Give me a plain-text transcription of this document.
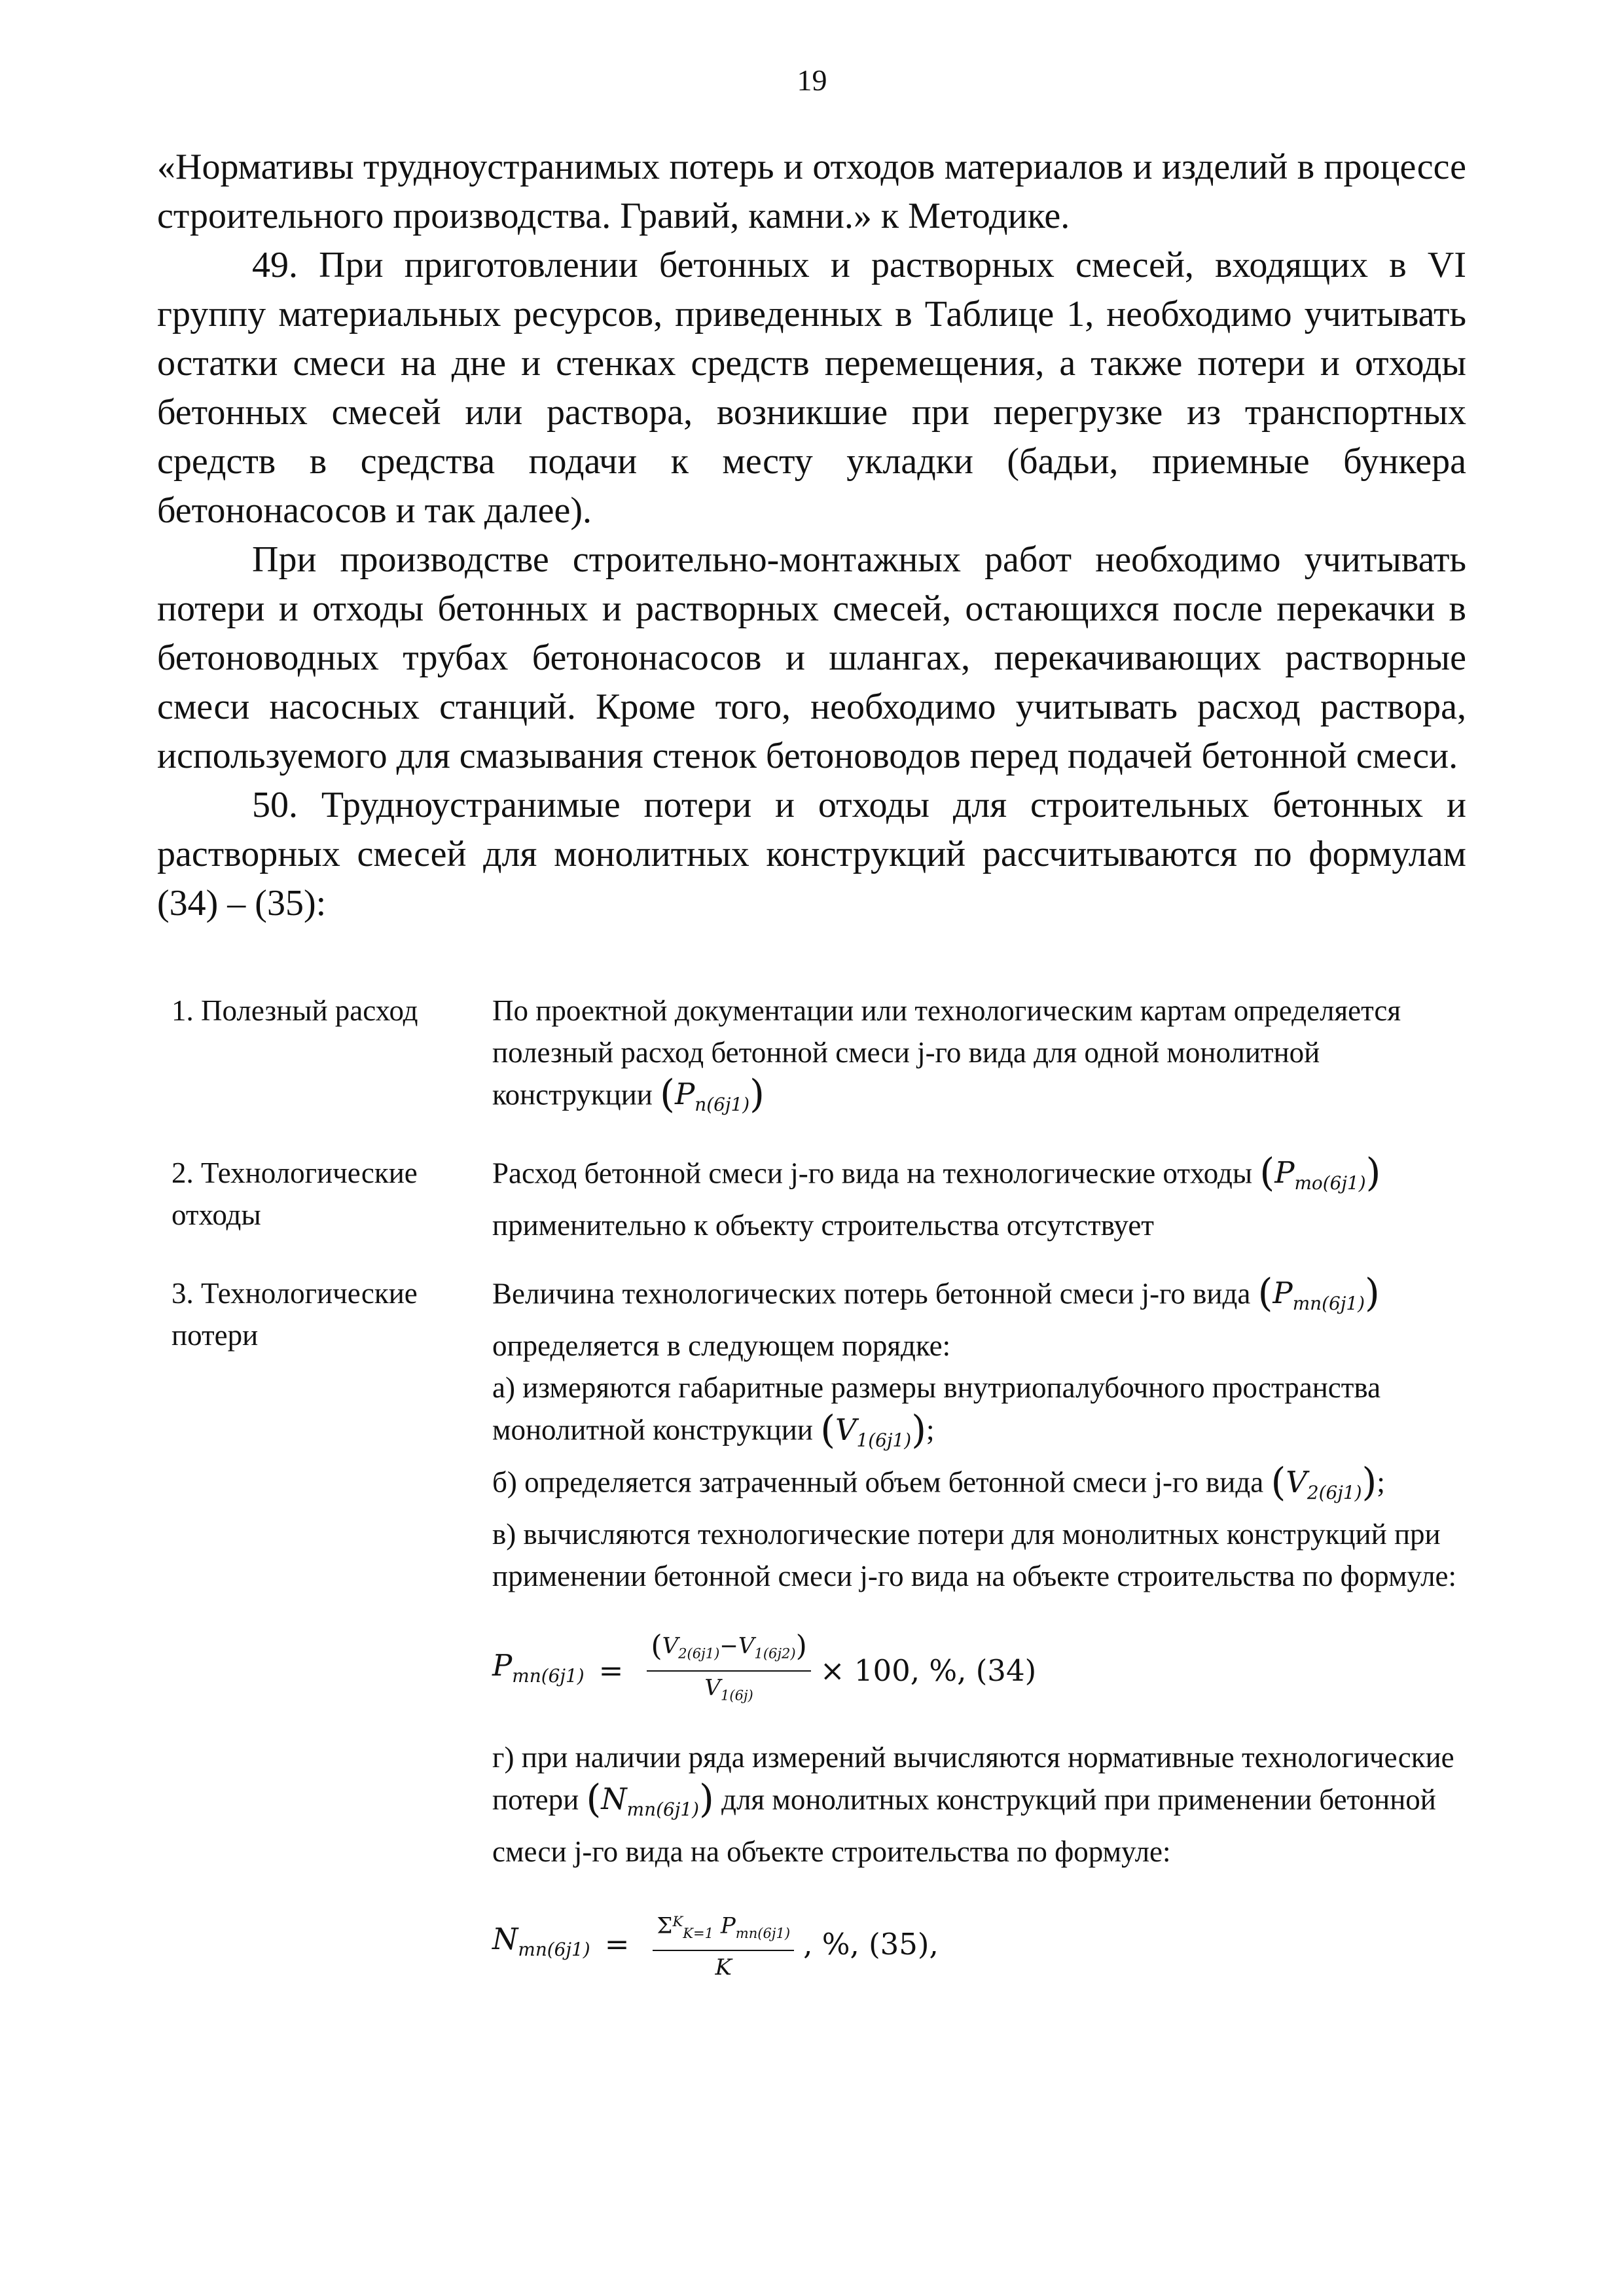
19

«Нормативы трудноустранимых потерь и отходов материалов и изделий в процессе строительного производства. Гравий, камни.» к Методике.

49. При приготовлении бетонных и растворных смесей, входящих в VI группу материальных ресурсов, приведенных в Таблице 1, необходимо учитывать остатки смеси на дне и стенках средств перемещения, а также потери и отходы бетонных смесей или раствора, возникшие при перегрузке из транспортных средств в средства подачи к месту укладки (бадьи, приемные бункера бетононасосов и так далее).

При производстве строительно-монтажных работ необходимо учитывать потери и отходы бетонных и растворных смесей, остающихся после перекачки в бетоноводных трубах бетононасосов и шлангах, перекачивающих растворные смеси насосных станций. Кроме того, необходимо учитывать расход раствора, используемого для смазывания стенок бетоноводов перед подачей бетонной смеси.

50. Трудноустранимые потери и отходы для строительных бетонных и растворных смесей для монолитных конструкций рассчитываются по формулам (34) – (35):

1. Полезный расход	По проектной документации или технологическим картам определяется полезный расход бетонной смеси j-го вида для одной монолитной конструкции $(P_{п(6j1)})$
2. Технологические отходы
Расход бетонной смеси j-го вида на технологические отходы $(P_{то(6j1)})$ применительно к объекту строительства отсутствует
3. Технологические потери

Величина технологических потерь бетонной смеси j-го вида $(P_{тп(6j1)})$ определяется в следующем порядке:

а) измеряются габаритные размеры внутриопалубочного пространства монолитной конструкции $(V_{1(6j1)})$;

б) определяется затраченный объем бетонной смеси j-го вида $(V_{2(6j1)})$;

в) вычисляются технологические потери для монолитных конструкций при применении бетонной смеси j-го вида на объекте строительства по формуле:

$P_{тп(6j1)} = \frac{(V_{2(6j1)}-V_{1(6j2)})}{V_{1(6j)}} \times 100$, %, (34)

г) при наличии ряда измерений вычисляются нормативные технологические потери $(N_{тп(6j1)})$ для монолитных конструкций при применении бетонной смеси j-го вида на объекте строительства по формуле:

$N_{тп(6j1)} = \frac{\Sigma^K_{K=1} P_{тп(6j1)}}{K}$ , %, (35),
